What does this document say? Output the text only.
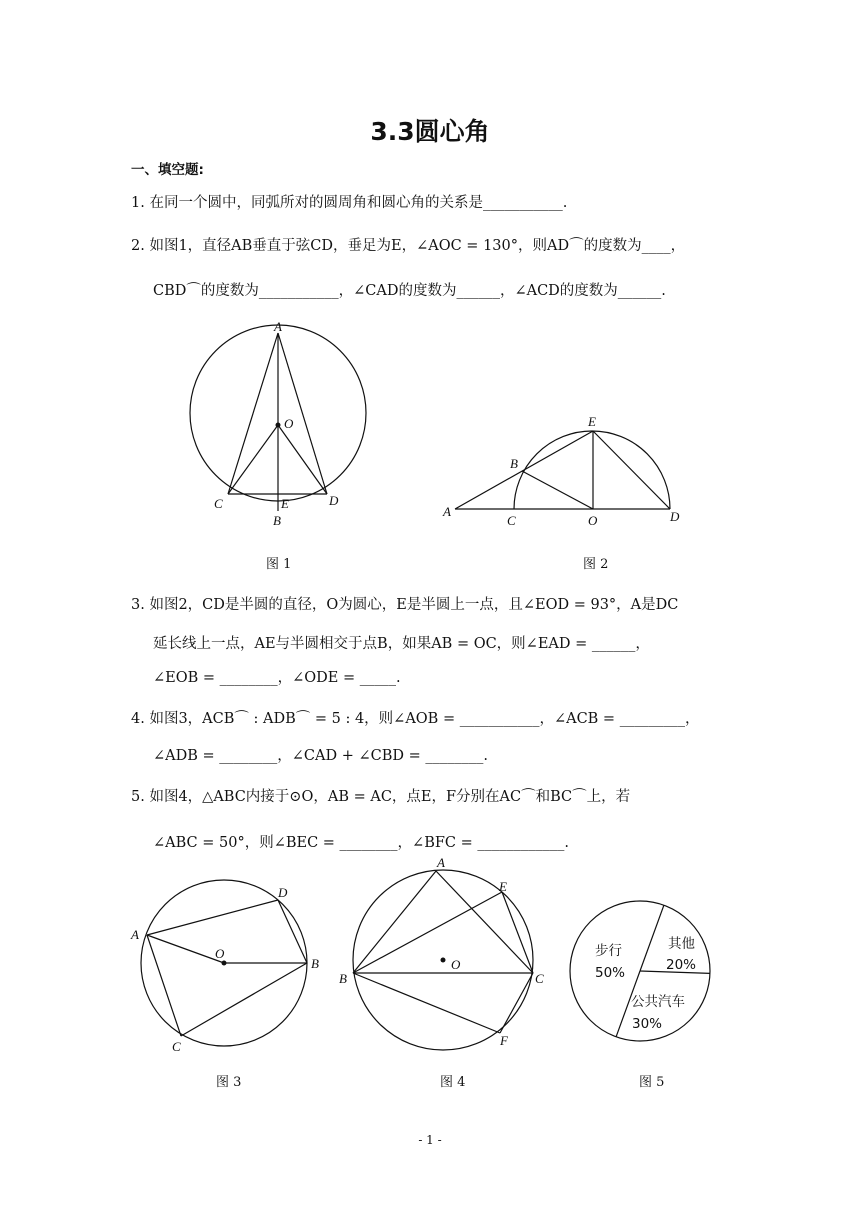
3.3圆心角
一、填空题:
1. 在同一个圆中，同弧所对的圆周角和圆心角的关系是___________.
2. 如图1，直径AB垂直于弦CD，垂足为E，∠AOC = 130°，则AD⌒的度数为____，
CBD⌒的度数为___________，∠CAD的度数为______，∠ACD的度数为______.
3. 如图2，CD是半圆的直径，O为圆心，E是半圆上一点，且∠EOD = 93°，A是DC
延长线上一点，AE与半圆相交于点B，如果AB = OC，则∠EAD = ______，
∠EOB = ________，∠ODE = _____.
4. 如图3，ACB⌒ : ADB⌒ = 5 : 4，则∠AOB = ___________，∠ACB = _________，
∠ADB = ________，∠CAD + ∠CBD = ________.
5. 如图4，△ABC内接于⊙O，AB = AC，点E，F分别在AC⌒和BC⌒上，若
∠ABC = 50°，则∠BEC = ________，∠BFC = ____________.
图 1	图 2
图 3	图 4	图 5
- 1 -
A
O
C	E	D
B
E
B
A
C	O	D
A
D
O
B
C
A
E
O
B	C
F
步行
50%
其他
20%
公共汽车
30%
